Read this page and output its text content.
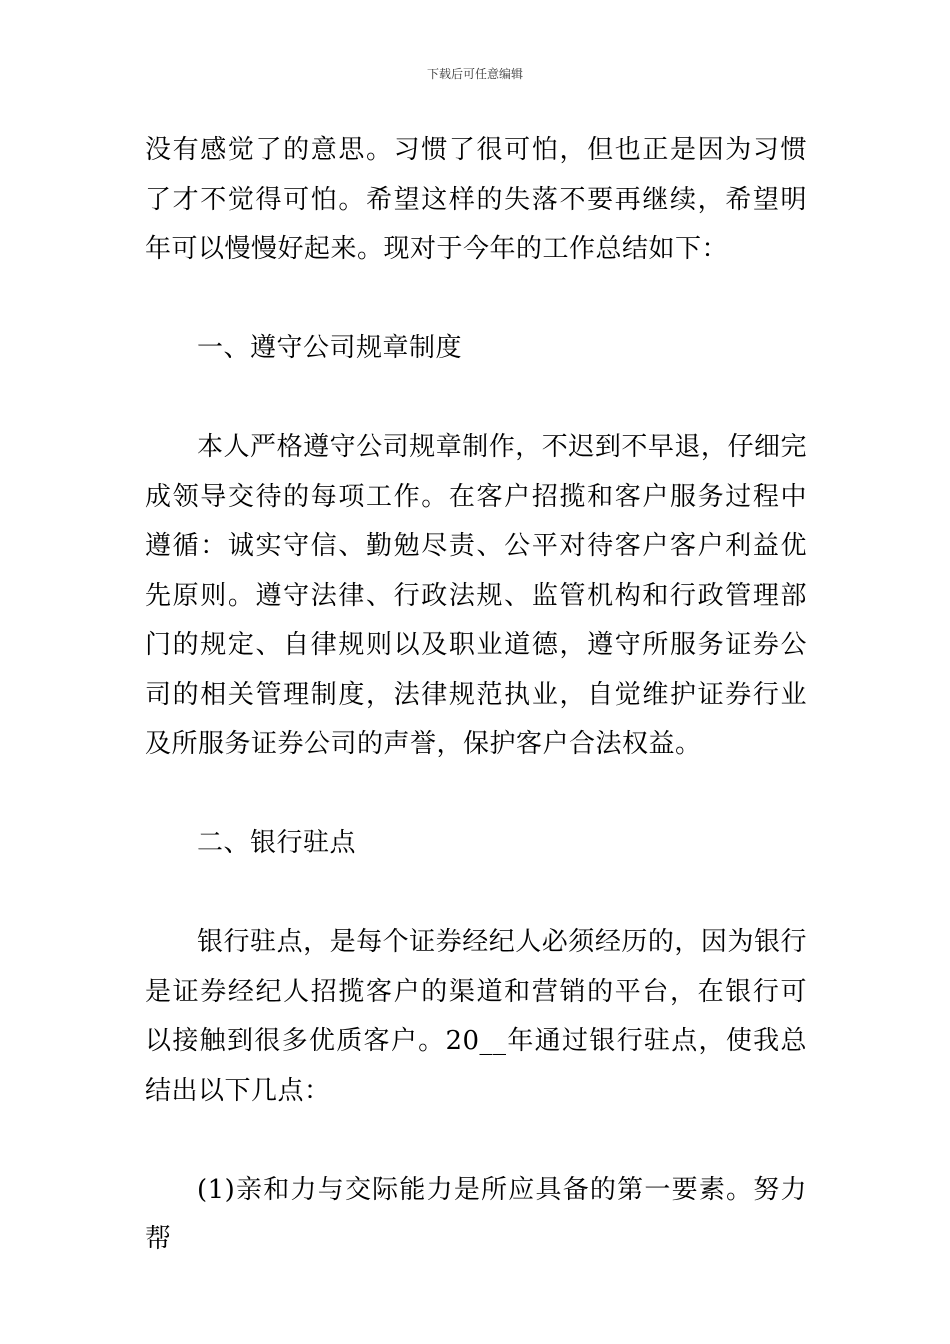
下载后可任意编辑

没有感觉了的意思。习惯了很可怕，但也正是因为习惯了才不觉得可怕。希望这样的失落不要再继续，希望明年可以慢慢好起来。现对于今年的工作总结如下：

一、遵守公司规章制度

本人严格遵守公司规章制作，不迟到不早退，仔细完成领导交待的每项工作。在客户招揽和客户服务过程中遵循：诚实守信、勤勉尽责、公平对待客户客户利益优先原则。遵守法律、行政法规、监管机构和行政管理部门的规定、自律规则以及职业道德，遵守所服务证券公司的相关管理制度，法律规范执业，自觉维护证券行业及所服务证券公司的声誉，保护客户合法权益。

二、银行驻点

银行驻点，是每个证券经纪人必须经历的，因为银行是证券经纪人招揽客户的渠道和营销的平台，在银行可以接触到很多优质客户。20__年通过银行驻点，使我总结出以下几点：

(1)亲和力与交际能力是所应具备的第一要素。努力帮
